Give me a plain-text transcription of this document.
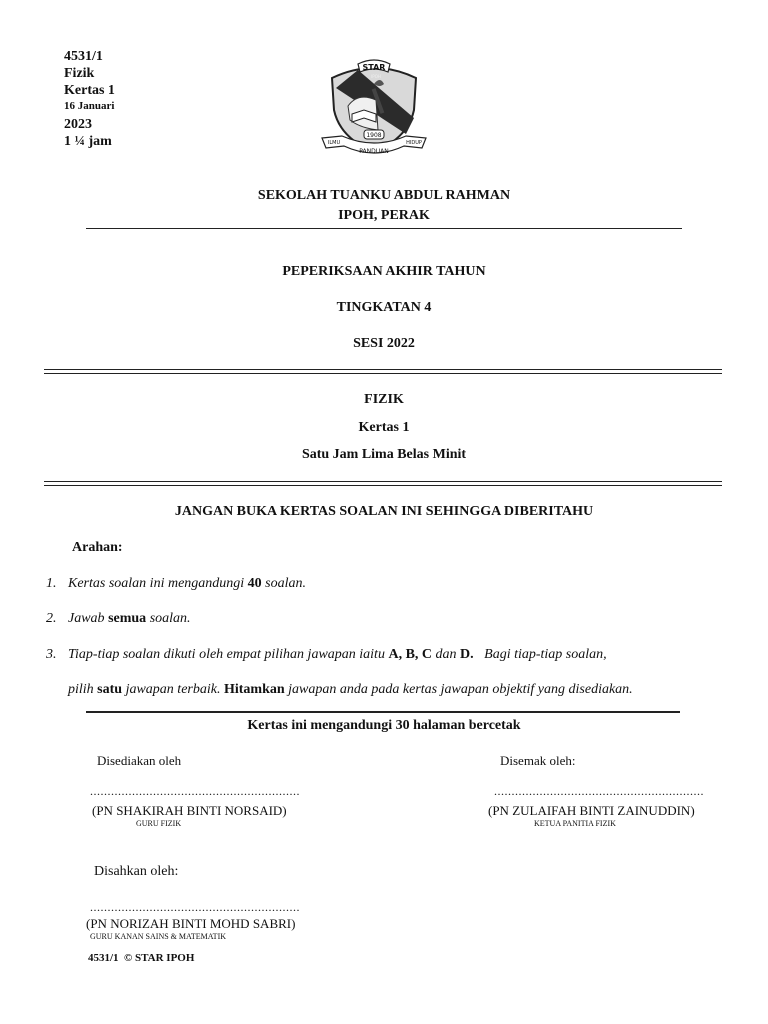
4531/1
Fizik
Kertas 1
16 Januari
2023
1 ¼ jam
STAR
IPOH
1908
ILMU
PANDUAN
HIDUP
SEKOLAH TUANKU ABDUL RAHMAN
IPOH, PERAK
PEPERIKSAAN AKHIR TAHUN
TINGKATAN 4
SESI 2022
FIZIK
Kertas 1
Satu Jam Lima Belas Minit
JANGAN BUKA KERTAS SOALAN INI SEHINGGA DIBERITAHU
Arahan:
1. Kertas soalan ini mengandungi 40 soalan.
2. Jawab semua soalan.
3. Tiap-tiap soalan dikuti oleh empat pilihan jawapan iaitu A, B, C dan D.   Bagi tiap-tiap soalan,
pilih satu jawapan terbaik. Hitamkan jawapan anda pada kertas jawapan objektif yang disediakan.
Kertas ini mengandungi 30 halaman bercetak
Disediakan oleh
............................................................
(PN SHAKIRAH BINTI NORSAID)
GURU FIZIK
Disemak oleh:
............................................................
(PN ZULAIFAH BINTI ZAINUDDIN)
KETUA PANITIA FIZIK
Disahkan oleh:
............................................................
(PN NORIZAH BINTI MOHD SABRI)
GURU KANAN SAINS & MATEMATIK
4531/1  © STAR IPOH
